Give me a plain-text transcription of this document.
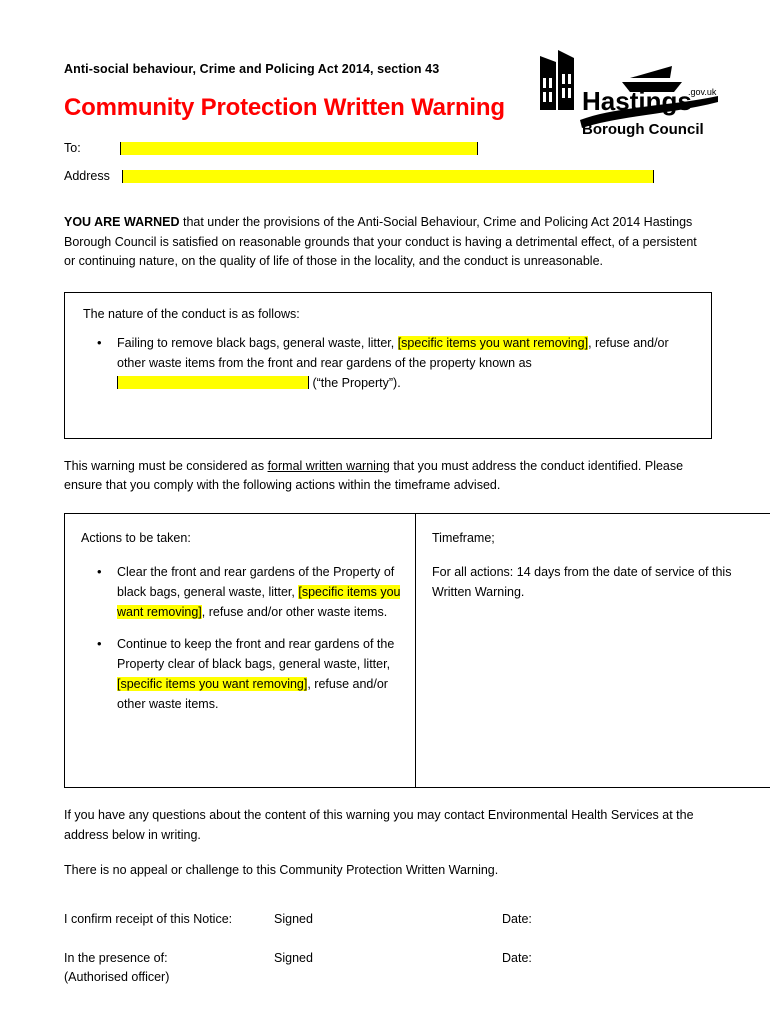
Hastings
.gov.uk
Borough Council

Anti-social behaviour, Crime and Policing Act 2014, section 43

Community Protection Written Warning
To:
Address

YOU ARE WARNED that under the provisions of the Anti-Social Behaviour, Crime and Policing Act 2014 Hastings Borough Council is satisfied on reasonable grounds that your conduct is having a detrimental effect, of a persistent or continuing nature, on the quality of life of those in the locality, and the conduct is unreasonable.

The nature of the conduct is as follows:

• Failing to remove black bags, general waste, litter, [specific items you want removing], refuse and/or other waste items from the front and rear gardens of the property known as  (“the Property”).

This warning must be considered as formal written warning that you must address the conduct identified. Please ensure that you comply with the following actions within the timeframe advised.

Actions to be taken:

• Clear the front and rear gardens of the Property of black bags, general waste, litter, [specific items you want removing], refuse and/or other waste items.
• Continue to keep the front and rear gardens of the Property clear of black bags, general waste, litter, [specific items you want removing], refuse and/or other waste items.

Timeframe;

For all actions: 14 days from the date of service of this Written Warning.

If you have any questions about the content of this warning you may contact Environmental Health Services at the address below in writing.

There is no appeal or challenge to this Community Protection Written Warning.

I confirm receipt of this Notice:	Signed	Date:
In the presence of:
(Authorised officer)
Signed	Date:
